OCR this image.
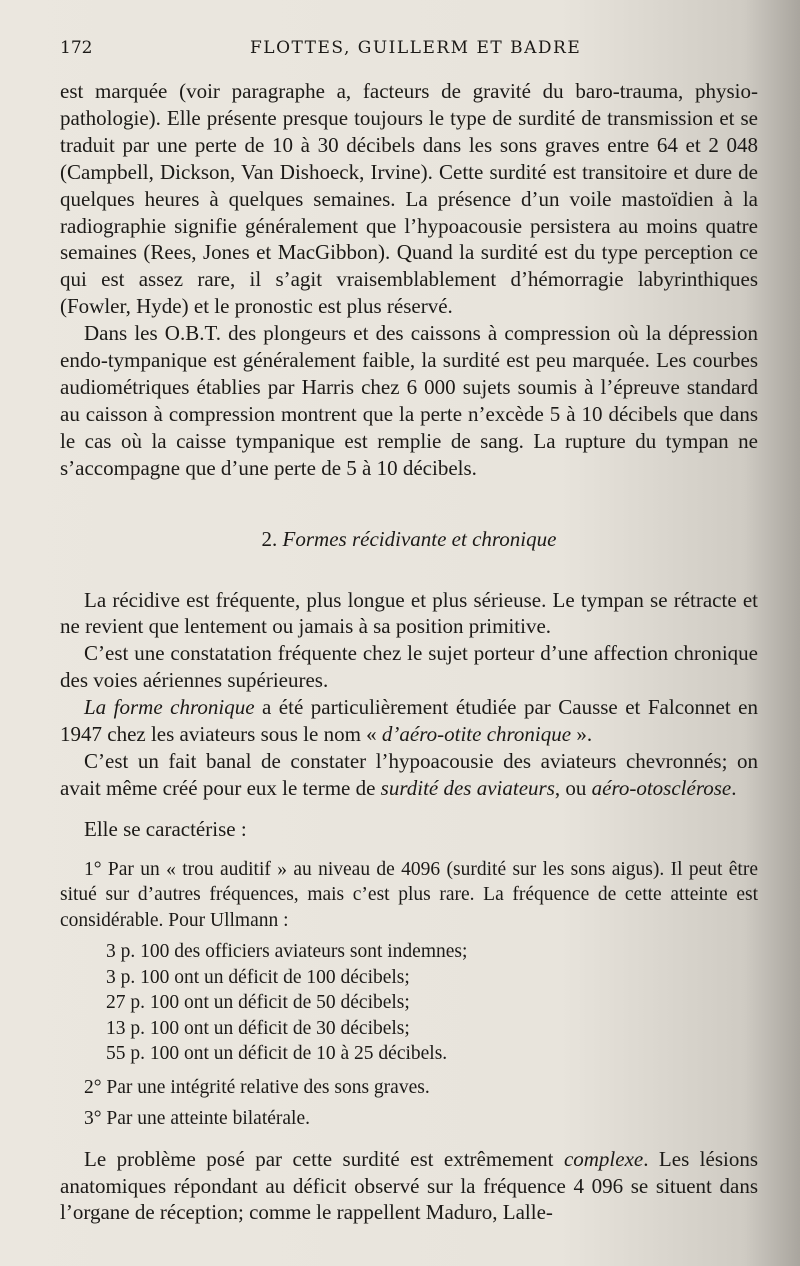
172	FLOTTES, GUILLERM ET BADRE

est marquée (voir paragraphe a, facteurs de gravité du baro-trauma, physio-pathologie). Elle présente presque toujours le type de surdité de transmission et se traduit par une perte de 10 à 30 décibels dans les sons graves entre 64 et 2 048 (Campbell, Dickson, Van Dishoeck, Irvine). Cette surdité est transitoire et dure de quelques heures à quelques semaines. La présence d’un voile mastoïdien à la radiographie signifie généralement que l’hypoacousie persistera au moins quatre semaines (Rees, Jones et MacGibbon). Quand la surdité est du type perception ce qui est assez rare, il s’agit vraisemblablement d’hémorragie labyrinthiques (Fowler, Hyde) et le pronostic est plus réservé.

Dans les O.B.T. des plongeurs et des caissons à compression où la dépression endo-tympanique est généralement faible, la surdité est peu marquée. Les courbes audiométriques établies par Harris chez 6 000 sujets soumis à l’épreuve standard au caisson à compression montrent que la perte n’excède 5 à 10 décibels que dans le cas où la caisse tympanique est remplie de sang. La rupture du tympan ne s’accompagne que d’une perte de 5 à 10 décibels.

2. Formes récidivante et chronique

La récidive est fréquente, plus longue et plus sérieuse. Le tympan se rétracte et ne revient que lentement ou jamais à sa position primitive.

C’est une constatation fréquente chez le sujet porteur d’une affection chronique des voies aériennes supérieures.

La forme chronique a été particulièrement étudiée par Causse et Falconnet en 1947 chez les aviateurs sous le nom « d’aéro-otite chronique ».

C’est un fait banal de constater l’hypoacousie des aviateurs chevronnés; on avait même créé pour eux le terme de surdité des aviateurs, ou aéro-otosclérose.

Elle se caractérise :

1° Par un « trou auditif » au niveau de 4096 (surdité sur les sons aigus). Il peut être situé sur d’autres fréquences, mais c’est plus rare. La fréquence de cette atteinte est considérable. Pour Ullmann :

3 p. 100 des officiers aviateurs sont indemnes;
3 p. 100 ont un déficit de 100 décibels;
27 p. 100 ont un déficit de 50 décibels;
13 p. 100 ont un déficit de 30 décibels;
55 p. 100 ont un déficit de 10 à 25 décibels.

2° Par une intégrité relative des sons graves.

3° Par une atteinte bilatérale.

Le problème posé par cette surdité est extrêmement complexe. Les lésions anatomiques répondant au déficit observé sur la fréquence 4 096 se situent dans l’organe de réception; comme le rappellent Maduro, Lalle-
